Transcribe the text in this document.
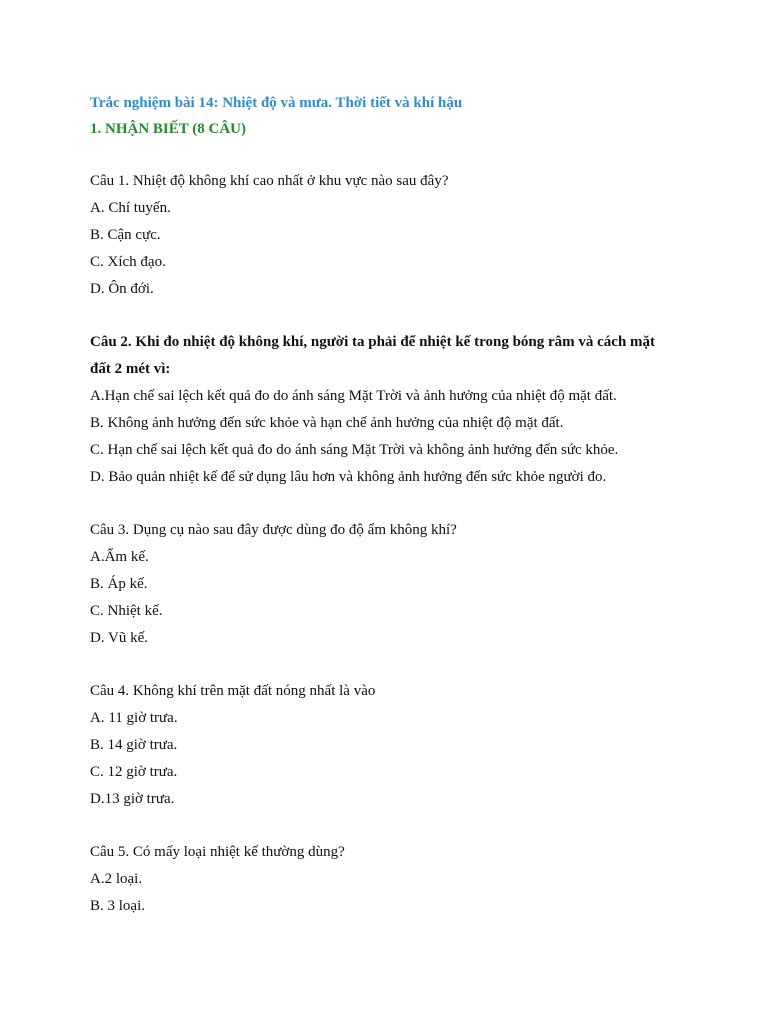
Trắc nghiệm bài 14: Nhiệt độ và mưa. Thời tiết và khí hậu
1. NHẬN BIẾT (8 CÂU)
Câu 1. Nhiệt độ không khí cao nhất ở khu vực nào sau đây?
A. Chí tuyến.
B. Cận cực.
C. Xích đạo.
D. Ôn đới.
Câu 2. Khi đo nhiệt độ không khí, người ta phải để nhiệt kế trong bóng râm và cách mặt đất 2 mét vì:
A.Hạn chế sai lệch kết quả đo do ánh sáng Mặt Trời và ảnh hưởng của nhiệt độ mặt đất.
B. Không ảnh hưởng đến sức khỏe và hạn chế ảnh hưởng của nhiệt độ mặt đất.
C. Hạn chế sai lệch kết quả đo do ánh sáng Mặt Trời và không ảnh hưởng đến sức khỏe.
D. Bảo quản nhiệt kế để sử dụng lâu hơn và không ảnh hưởng đến sức khỏe người đo.
Câu 3. Dụng cụ nào sau đây được dùng đo độ ẩm không khí?
A.Ẩm kế.
B. Áp kế.
C. Nhiệt kế.
D. Vũ kế.
Câu 4. Không khí trên mặt đất nóng nhất là vào
A. 11 giờ trưa.
B. 14 giờ trưa.
C. 12 giờ trưa.
D.13 giờ trưa.
Câu 5. Có mấy loại nhiệt kế thường dùng?
A.2 loại.
B. 3 loại.
